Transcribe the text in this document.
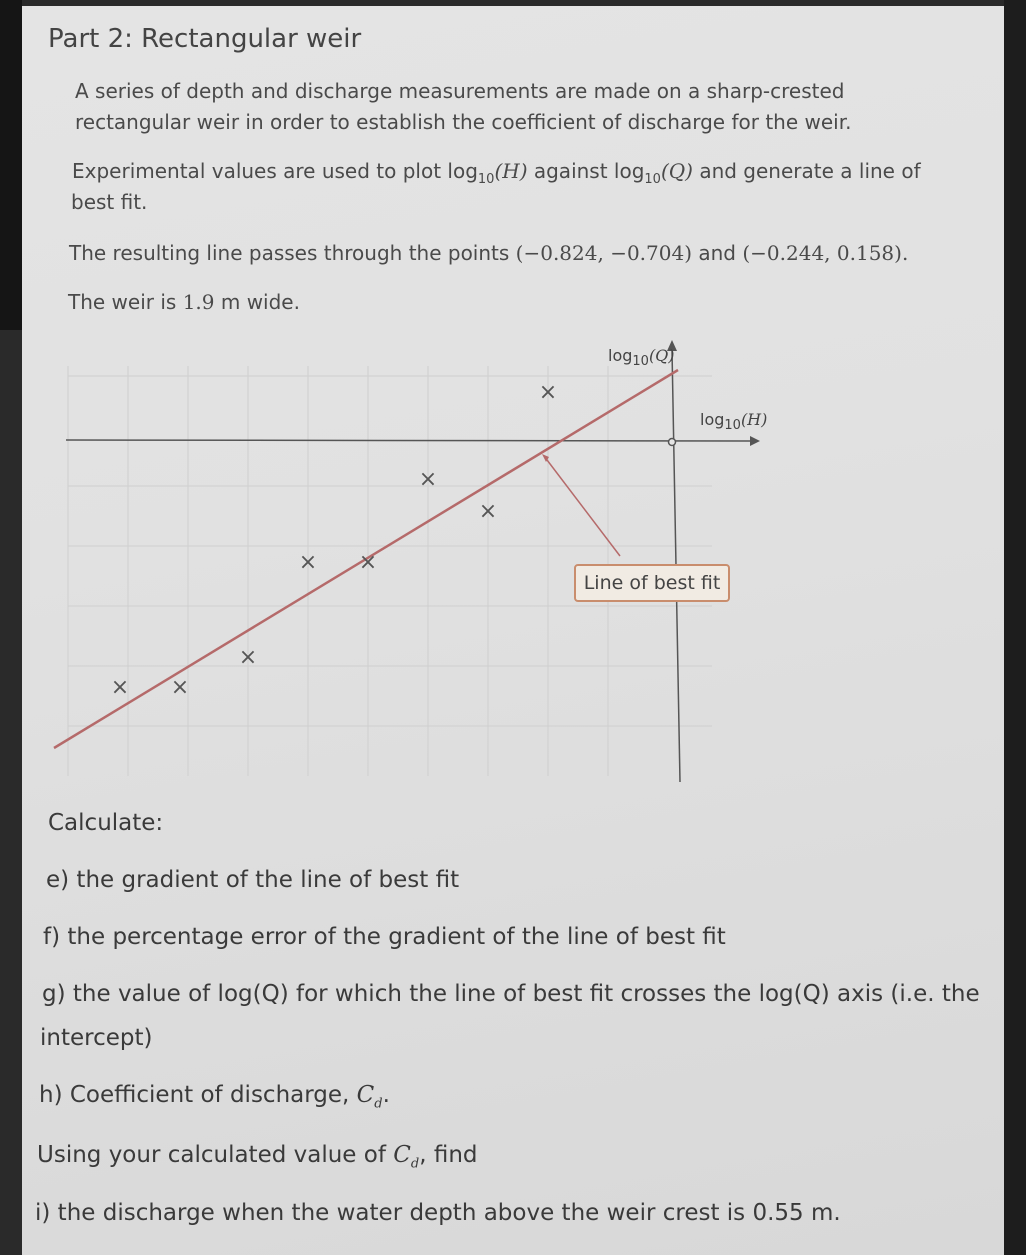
Part 2: Rectangular weir
A series of depth and discharge measurements are made on a sharp-crested
rectangular weir in order to establish the coefficient of discharge for the weir.
Experimental values are used to plot $\log_{10}(H)$ against $\log_{10}(Q)$ and generate a line of
best fit.
The resulting line passes through the points (−0.824, −0.704) and (−0.244, 0.158).
The weir is 1.9 m wide.
× ×
×
× ×
×
×
×
$\log_{10}(Q)$
$\log_{10}(H)$
Line of best fit
Calculate:
e) the gradient of the line of best fit
f) the percentage error of the gradient of the line of best fit
g) the value of log(Q) for which the line of best fit crosses the log(Q) axis (i.e. the
intercept)
h) Coefficient of discharge, $C_d$.
Using your calculated value of $C_d$, find
i) the discharge when the water depth above the weir crest is 0.55 m.
